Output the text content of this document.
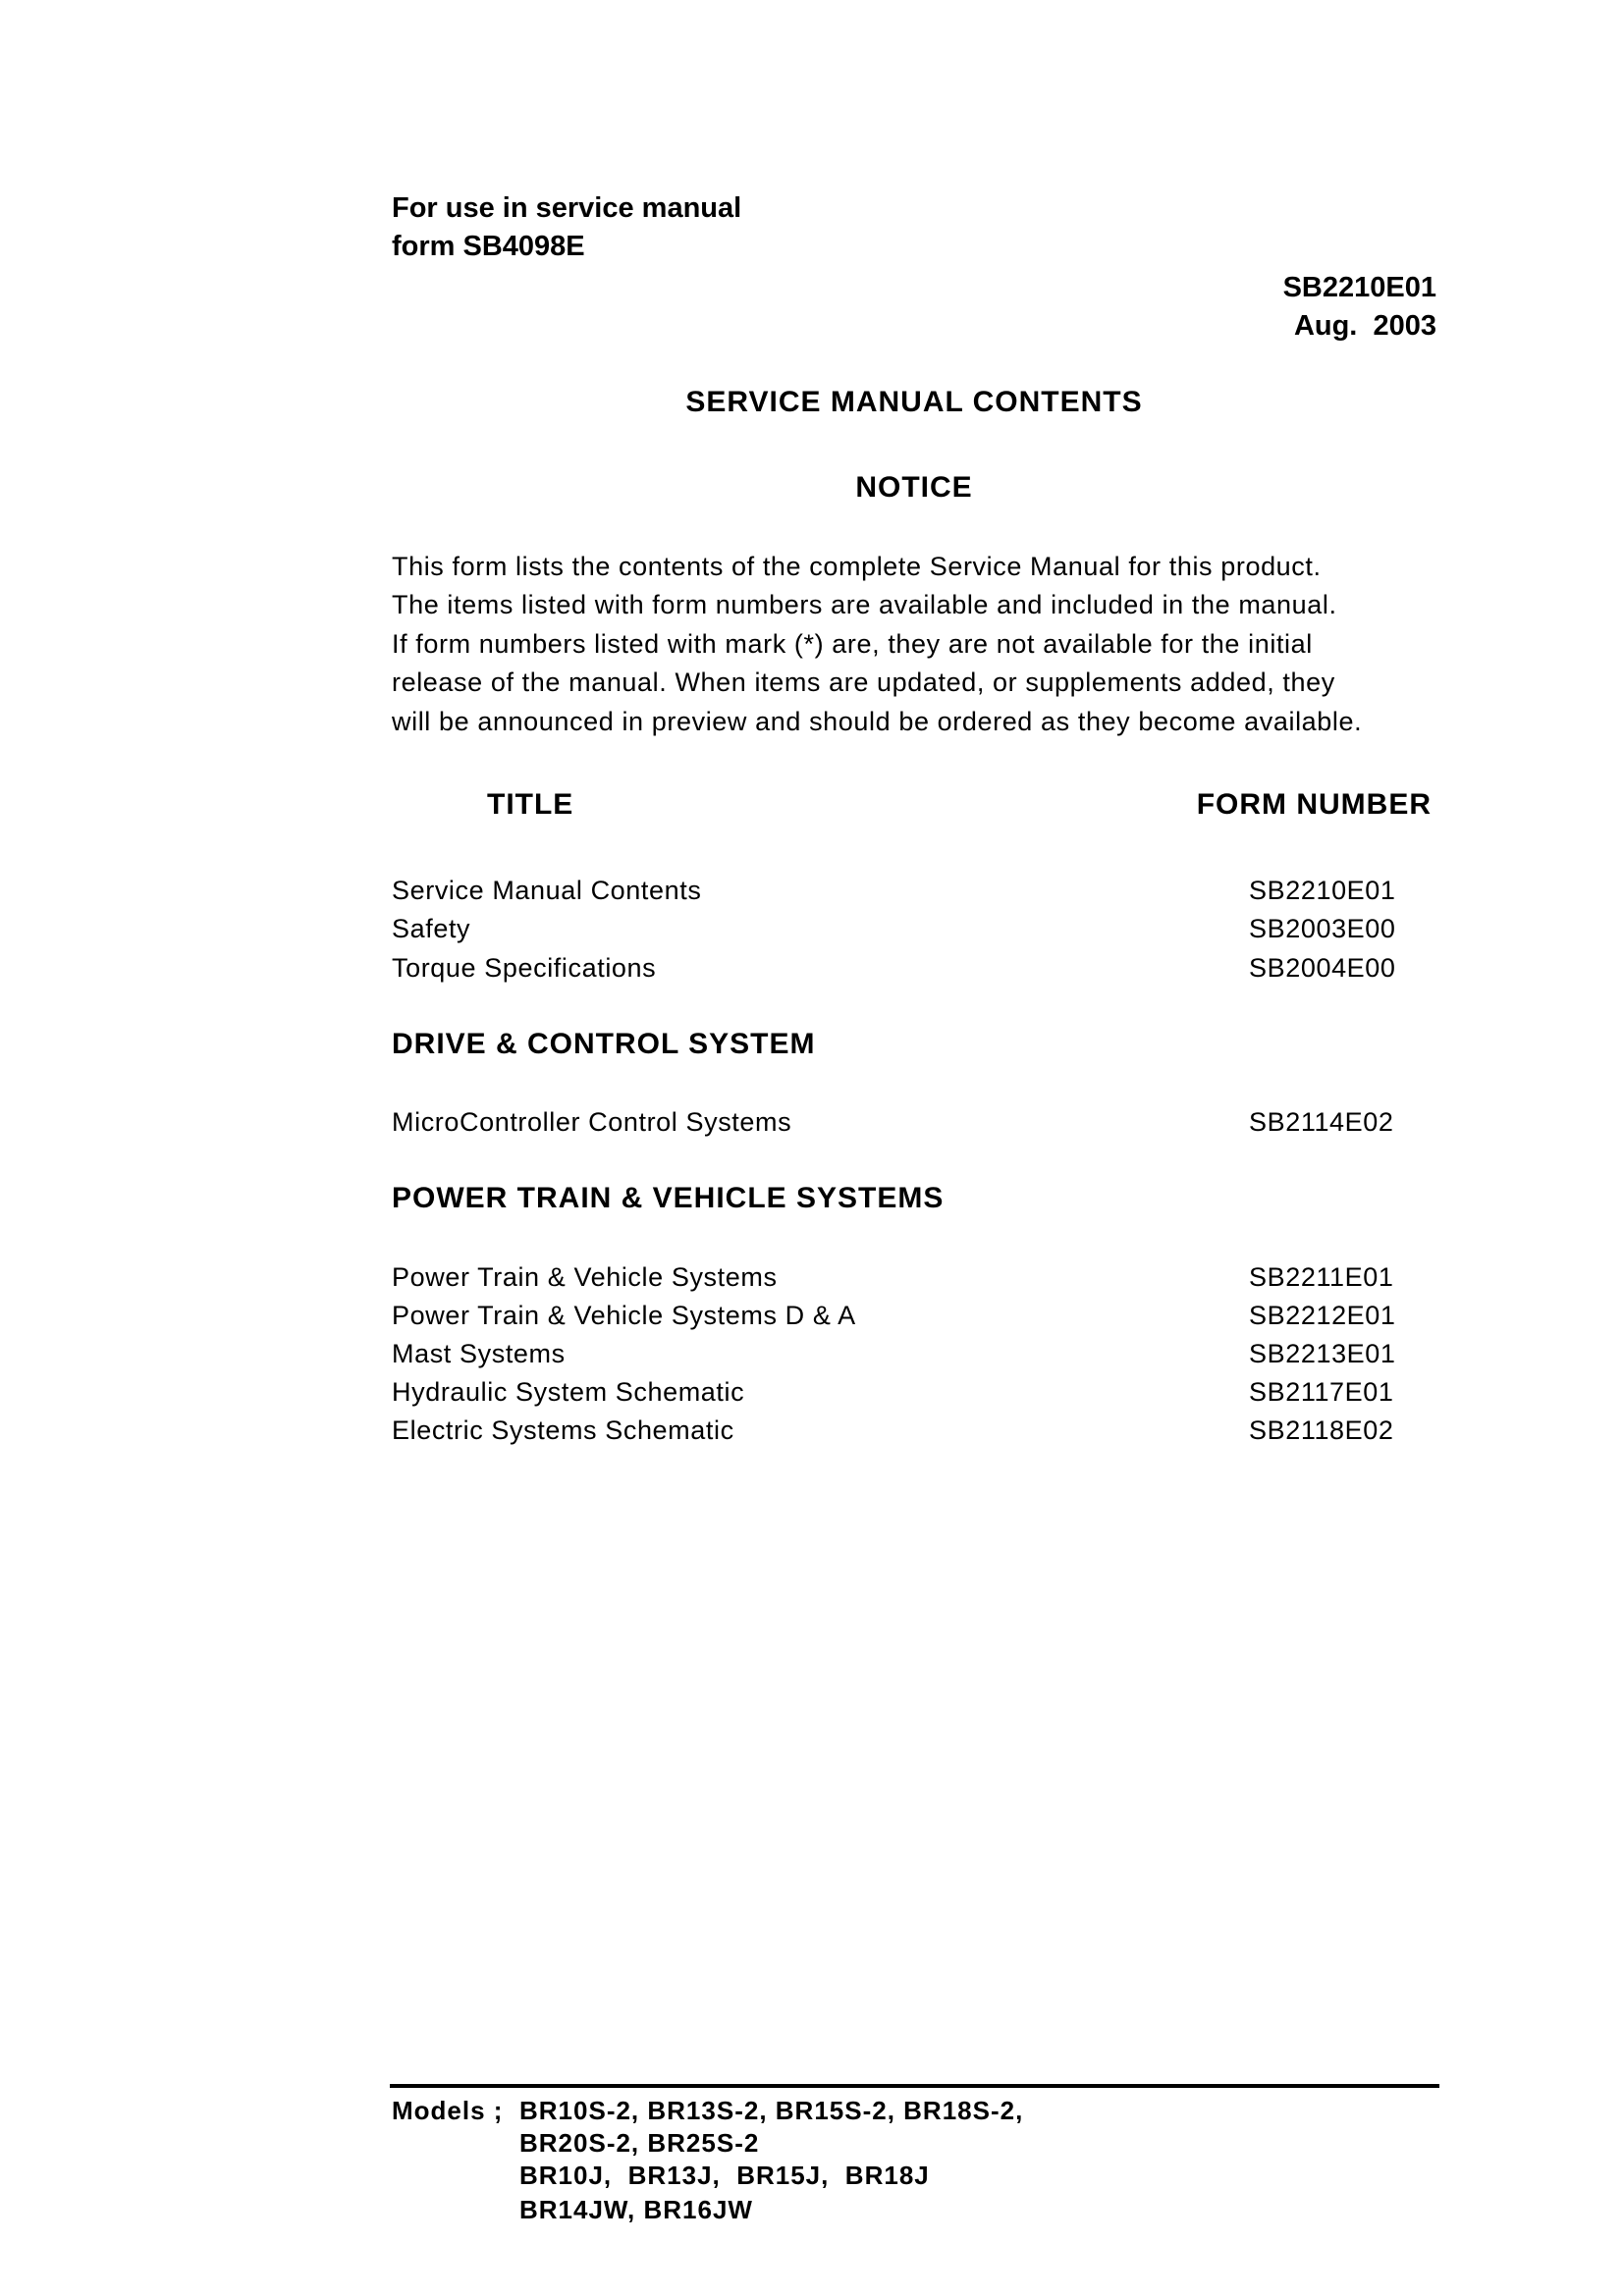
For use in service manual
form SB4098E
SB2210E01
Aug.  2003
SERVICE MANUAL CONTENTS
NOTICE
This form lists the contents of the complete Service Manual for this product.
The items listed with form numbers are available and included in the manual.
If form numbers listed with mark (*) are, they are not available for the initial
release of the manual. When items are updated, or supplements added, they
will be announced in preview and should be ordered as they become available.
TITLE	FORM NUMBER
Service Manual Contents	SB2210E01
Safety	SB2003E00
Torque Specifications	SB2004E00
DRIVE & CONTROL SYSTEM
MicroController Control Systems	SB2114E02
POWER TRAIN & VEHICLE SYSTEMS
Power Train & Vehicle Systems	SB2211E01
Power Train & Vehicle Systems D & A	SB2212E01
Mast Systems	SB2213E01
Hydraulic System Schematic	SB2117E01
Electric Systems Schematic	SB2118E02
Models ; BR10S-2, BR13S-2, BR15S-2, BR18S-2,
BR20S-2, BR25S-2
BR10J,  BR13J,  BR15J,  BR18J
BR14JW, BR16JW
